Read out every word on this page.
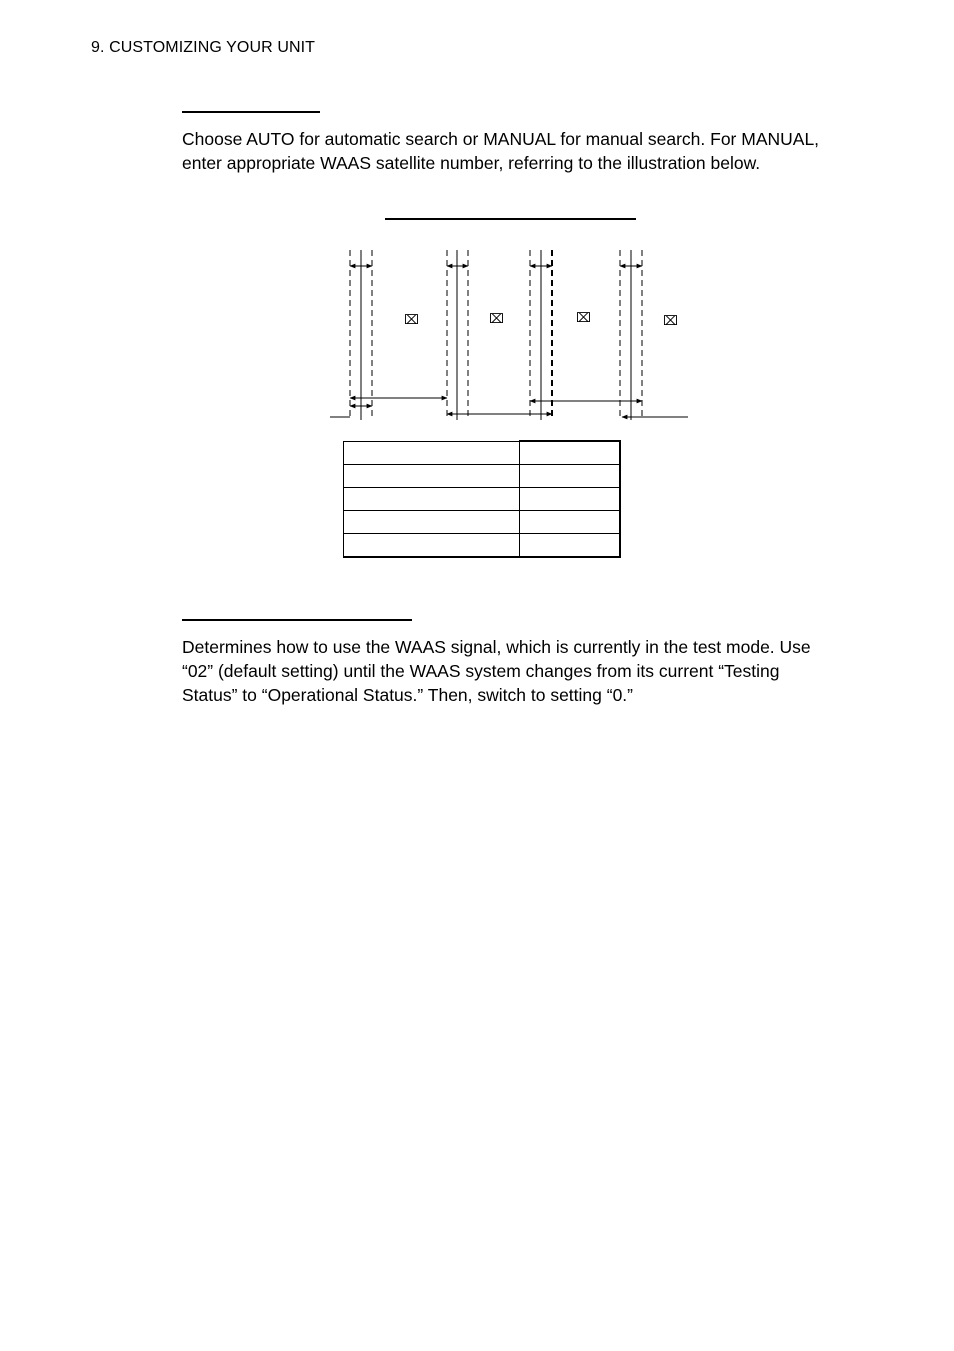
9. CUSTOMIZING YOUR UNIT
Choose AUTO for automatic search or MANUAL for manual search. For MANUAL, enter appropriate WAAS satellite number, referring to the illustration below.
⌧	⌧	⌧	⌧

Determines how to use the WAAS signal, which is currently in the test mode. Use “02” (default setting) until the WAAS system changes from its current “Testing Status” to “Operational Status.” Then, switch to setting “0.”
